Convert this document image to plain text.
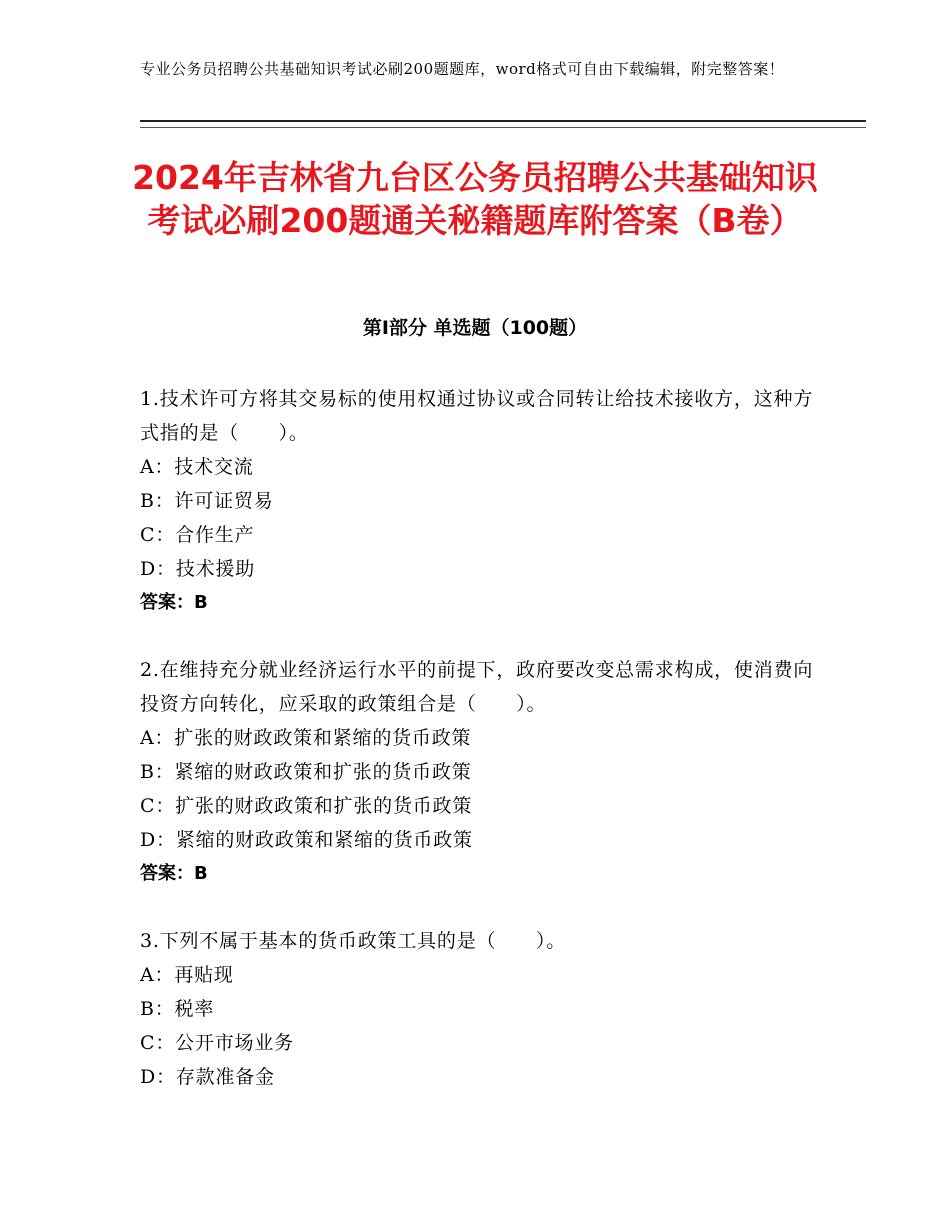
专业公务员招聘公共基础知识考试必刷200题题库，word格式可自由下载编辑，附完整答案！
2024年吉林省九台区公务员招聘公共基础知识考试必刷200题通关秘籍题库附答案（B卷）
第Ⅰ部分 单选题（100题）
1.技术许可方将其交易标的使用权通过协议或合同转让给技术接收方，这种方式指的是（　　）。
A：技术交流
B：许可证贸易
C：合作生产
D：技术援助
答案：B
2.在维持充分就业经济运行水平的前提下，政府要改变总需求构成，使消费向投资方向转化，应采取的政策组合是（　　）。
A：扩张的财政政策和紧缩的货币政策
B：紧缩的财政政策和扩张的货币政策
C：扩张的财政政策和扩张的货币政策
D：紧缩的财政政策和紧缩的货币政策
答案：B
3.下列不属于基本的货币政策工具的是（　　）。
A：再贴现
B：税率
C：公开市场业务
D：存款准备金
